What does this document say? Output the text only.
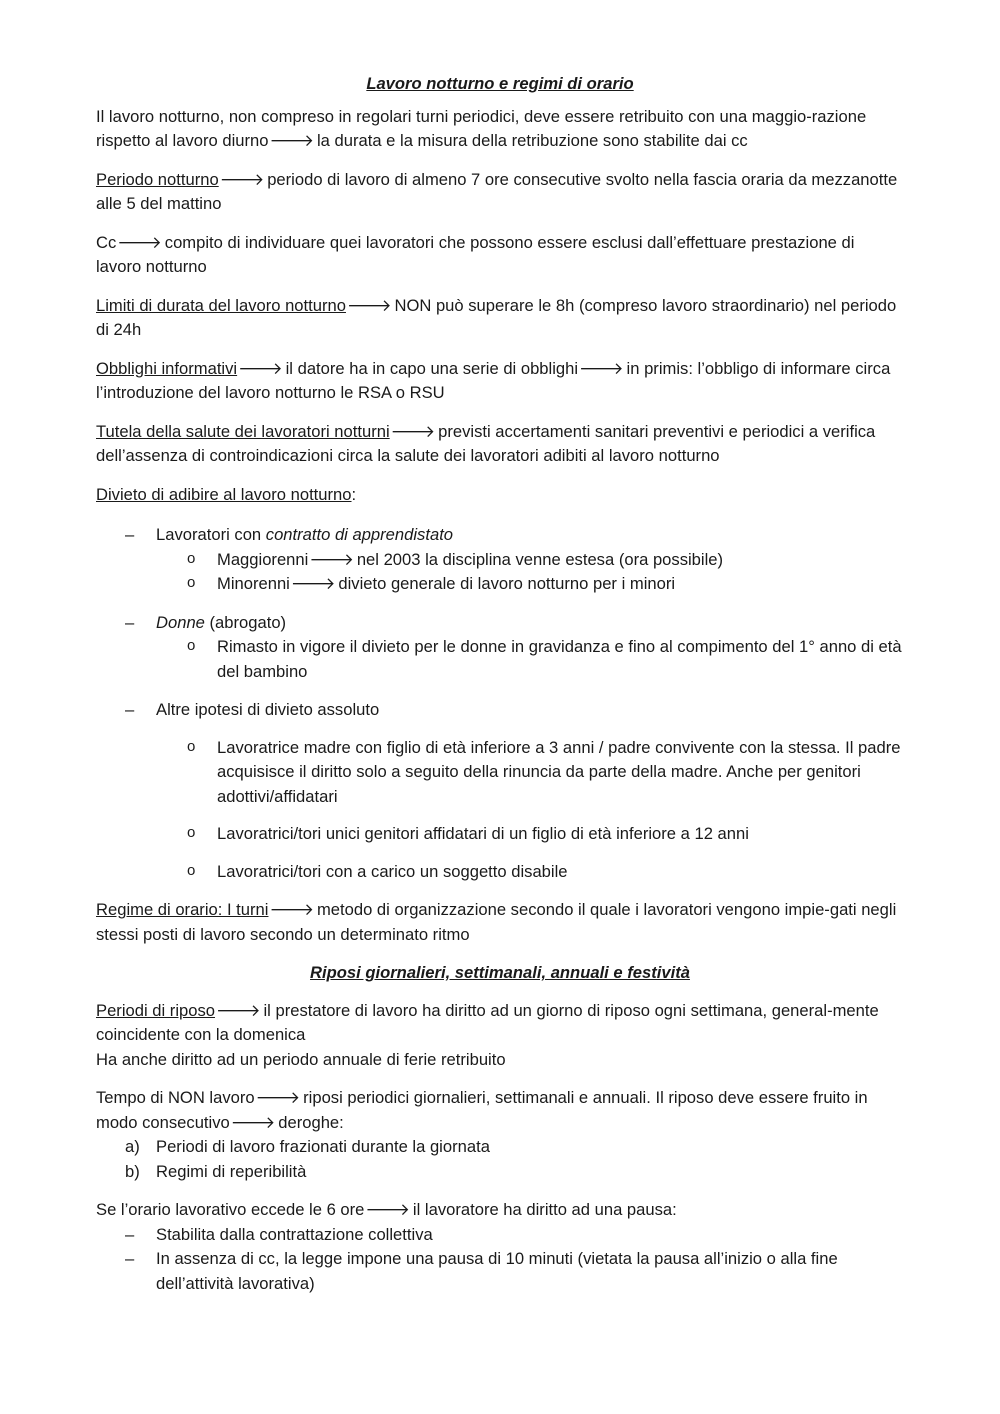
Lavoro notturno e regimi di orario

Il lavoro notturno, non compreso in regolari turni periodici, deve essere retribuito con una maggio-razione rispetto al lavoro diurno🡒 la durata e la misura della retribuzione sono stabilite dai cc

Periodo notturno🡒 periodo di lavoro di almeno 7 ore consecutive svolto nella fascia oraria da mezzanotte alle 5 del mattino

Cc🡒 compito di individuare quei lavoratori che possono essere esclusi dall’effettuare prestazione di lavoro notturno

Limiti di durata del lavoro notturno🡒 NON può superare le 8h (compreso lavoro straordinario) nel periodo di 24h

Obblighi informativi🡒 il datore ha in capo una serie di obblighi🡒 in primis: l’obbligo di informare circa l’introduzione del lavoro notturno le RSA o RSU

Tutela della salute dei lavoratori notturni🡒 previsti accertamenti sanitari preventivi e periodici a verifica dell’assenza di controindicazioni circa la salute dei lavoratori adibiti al lavoro notturno

Divieto di adibire al lavoro notturno:

– Lavoratori con contratto di apprendistato
o Maggiorenni🡒 nel 2003 la disciplina venne estesa (ora possibile)
o Minorenni🡒 divieto generale di lavoro notturno per i minori
– Donne (abrogato)
o Rimasto in vigore il divieto per le donne in gravidanza e fino al compimento del 1° anno di età del bambino
– Altre ipotesi di divieto assoluto
o Lavoratrice madre con figlio di età inferiore a 3 anni / padre convivente con la stessa. Il padre acquisisce il diritto solo a seguito della rinuncia da parte della madre. Anche per genitori adottivi/affidatari
o Lavoratrici/tori unici genitori affidatari di un figlio di età inferiore a 12 anni
o Lavoratrici/tori con a carico un soggetto disabile

Regime di orario: I turni🡒 metodo di organizzazione secondo il quale i lavoratori vengono impie-gati negli stessi posti di lavoro secondo un determinato ritmo

Riposi giornalieri, settimanali, annuali e festività

Periodi di riposo🡒 il prestatore di lavoro ha diritto ad un giorno di riposo ogni settimana, general-mente coincidente con la domenica
Ha anche diritto ad un periodo annuale di ferie retribuito

Tempo di NON lavoro🡒 riposi periodici giornalieri, settimanali e annuali. Il riposo deve essere fruito in modo consecutivo🡒 deroghe:

a) Periodi di lavoro frazionati durante la giornata
b) Regimi di reperibilità

Se l’orario lavorativo eccede le 6 ore🡒 il lavoratore ha diritto ad una pausa:

– Stabilita dalla contrattazione collettiva
– In assenza di cc, la legge impone una pausa di 10 minuti (vietata la pausa all’inizio o alla fine dell’attività lavorativa)
